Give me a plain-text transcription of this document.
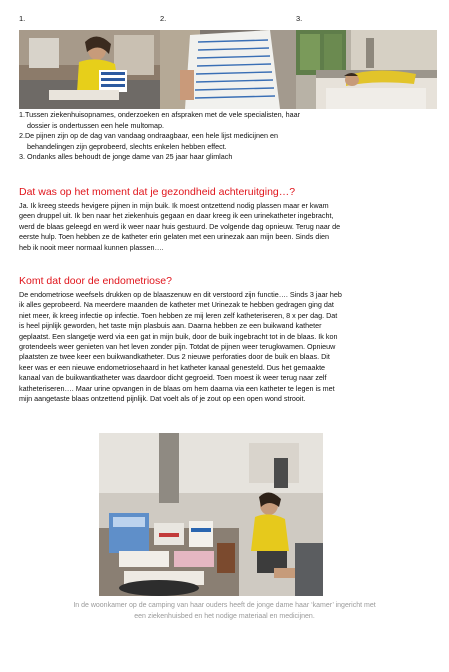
1.	2.	3.

1.Tussen ziekenhuisopnames, onderzoeken en afspraken met de vele specialisten, haar

dossier is ondertussen een hele multomap.

2.De pijnen zijn op de dag van vandaag ondraagbaar, een hele lijst medicijnen en

behandelingen zijn geprobeerd, slechts enkelen hebben effect.

3. Ondanks alles behoudt de jonge dame van 25 jaar haar glimlach

Dat was op het moment dat je gezondheid achteruitging…?
Ja. Ik kreeg steeds hevigere pijnen in mijn buik. Ik moest ontzettend nodig plassen maar er kwam
geen druppel uit. Ik ben naar het ziekenhuis gegaan en daar kreeg ik een urinekatheter ingebracht,
werd de blaas geleegd en werd ik weer naar huis gestuurd. De volgende dag opnieuw. Terug naar de
eerste hulp. Toen hebben ze de katheter erin gelaten met een urinezak aan mijn been. Sinds dien
heb ik nooit meer normaal kunnen plassen….
Komt dat door de endometriose?
De endometriose weefsels drukken op de blaaszenuw en dit verstoord zijn functie…. Sinds 3 jaar heb
ik alles geprobeerd. Na meerdere maanden de katheter met Urinezak te hebben gedragen ging dat
niet meer, ik kreeg infectie op infectie. Toen hebben ze mij leren zelf katheteriseren, 8 x per dag. Dat
is heel pijnlijk geworden, het taste mijn plasbuis aan. Daarna hebben ze een buikwand katheter
geplaatst. Een slangetje werd via een gat in mijn buik, door de buik ingebracht tot in de blaas. Ik kon
grotendeels weer genieten van het leven zonder pijn. Totdat de pijnen weer terugkwamen. Opnieuw
plaatsten ze twee keer een buikwandkatheter. Dus 2 nieuwe perforaties door de buik en blaas. Dit
keer was er een nieuwe endometriosehaard in het katheter kanaal genesteld. Dus het gemaakte
kanaal van de buikwantkatheter was daardoor dicht gegroeid. Toen moest ik weer terug naar zelf
katheteriseren…. Maar urine opvangen in de blaas om hem daarna via een katheter te legen is met
mijn aangetaste blaas ontzettend pijnlijk. Dat voelt als of je zout op een open wond strooit.
In de woonkamer op de camping van haar ouders heeft de jonge dame haar ‘kamer’ ingericht met
een ziekenhuisbed en het nodige materiaal en medicijnen.
